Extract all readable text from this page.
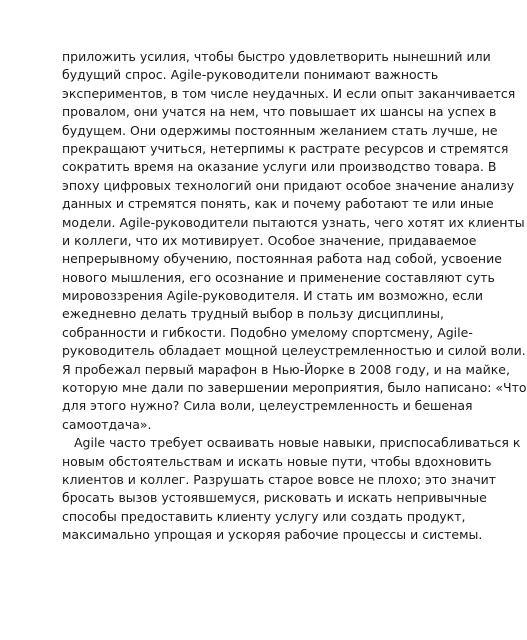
приложить усилия, чтобы быстро удовлетворить нынешний или
будущий спрос. Agile-руководители понимают важность
экспериментов, в том числе неудачных. И если опыт заканчивается
провалом, они учатся на нем, что повышает их шансы на успех в
будущем. Они одержимы постоянным желанием стать лучше, не
прекращают учиться, нетерпимы к растрате ресурсов и стремятся
сократить время на оказание услуги или производство товара. В
эпоху цифровых технологий они придают особое значение анализу
данных и стремятся понять, как и почему работают те или иные
модели. Agile-руководители пытаются узнать, чего хотят их клиенты
и коллеги, что их мотивирует. Особое значение, придаваемое
непрерывному обучению, постоянная работа над собой, усвоение
нового мышления, его осознание и применение составляют суть
мировоззрения Agile-руководителя. И стать им возможно, если
ежедневно делать трудный выбор в пользу дисциплины,
собранности и гибкости. Подобно умелому спортсмену, Agile-
руководитель обладает мощной целеустремленностью и силой воли.
Я пробежал первый марафон в Нью-Йорке в 2008 году, и на майке,
которую мне дали по завершении мероприятия, было написано: «Что
для этого нужно? Сила воли, целеустремленность и бешеная
самоотдача».
Agile часто требует осваивать новые навыки, приспосабливаться к
новым обстоятельствам и искать новые пути, чтобы вдохновить
клиентов и коллег. Разрушать старое вовсе не плохо; это значит
бросать вызов устоявшемуся, рисковать и искать непривычные
способы предоставить клиенту услугу или создать продукт,
максимально упрощая и ускоряя рабочие процессы и системы.
